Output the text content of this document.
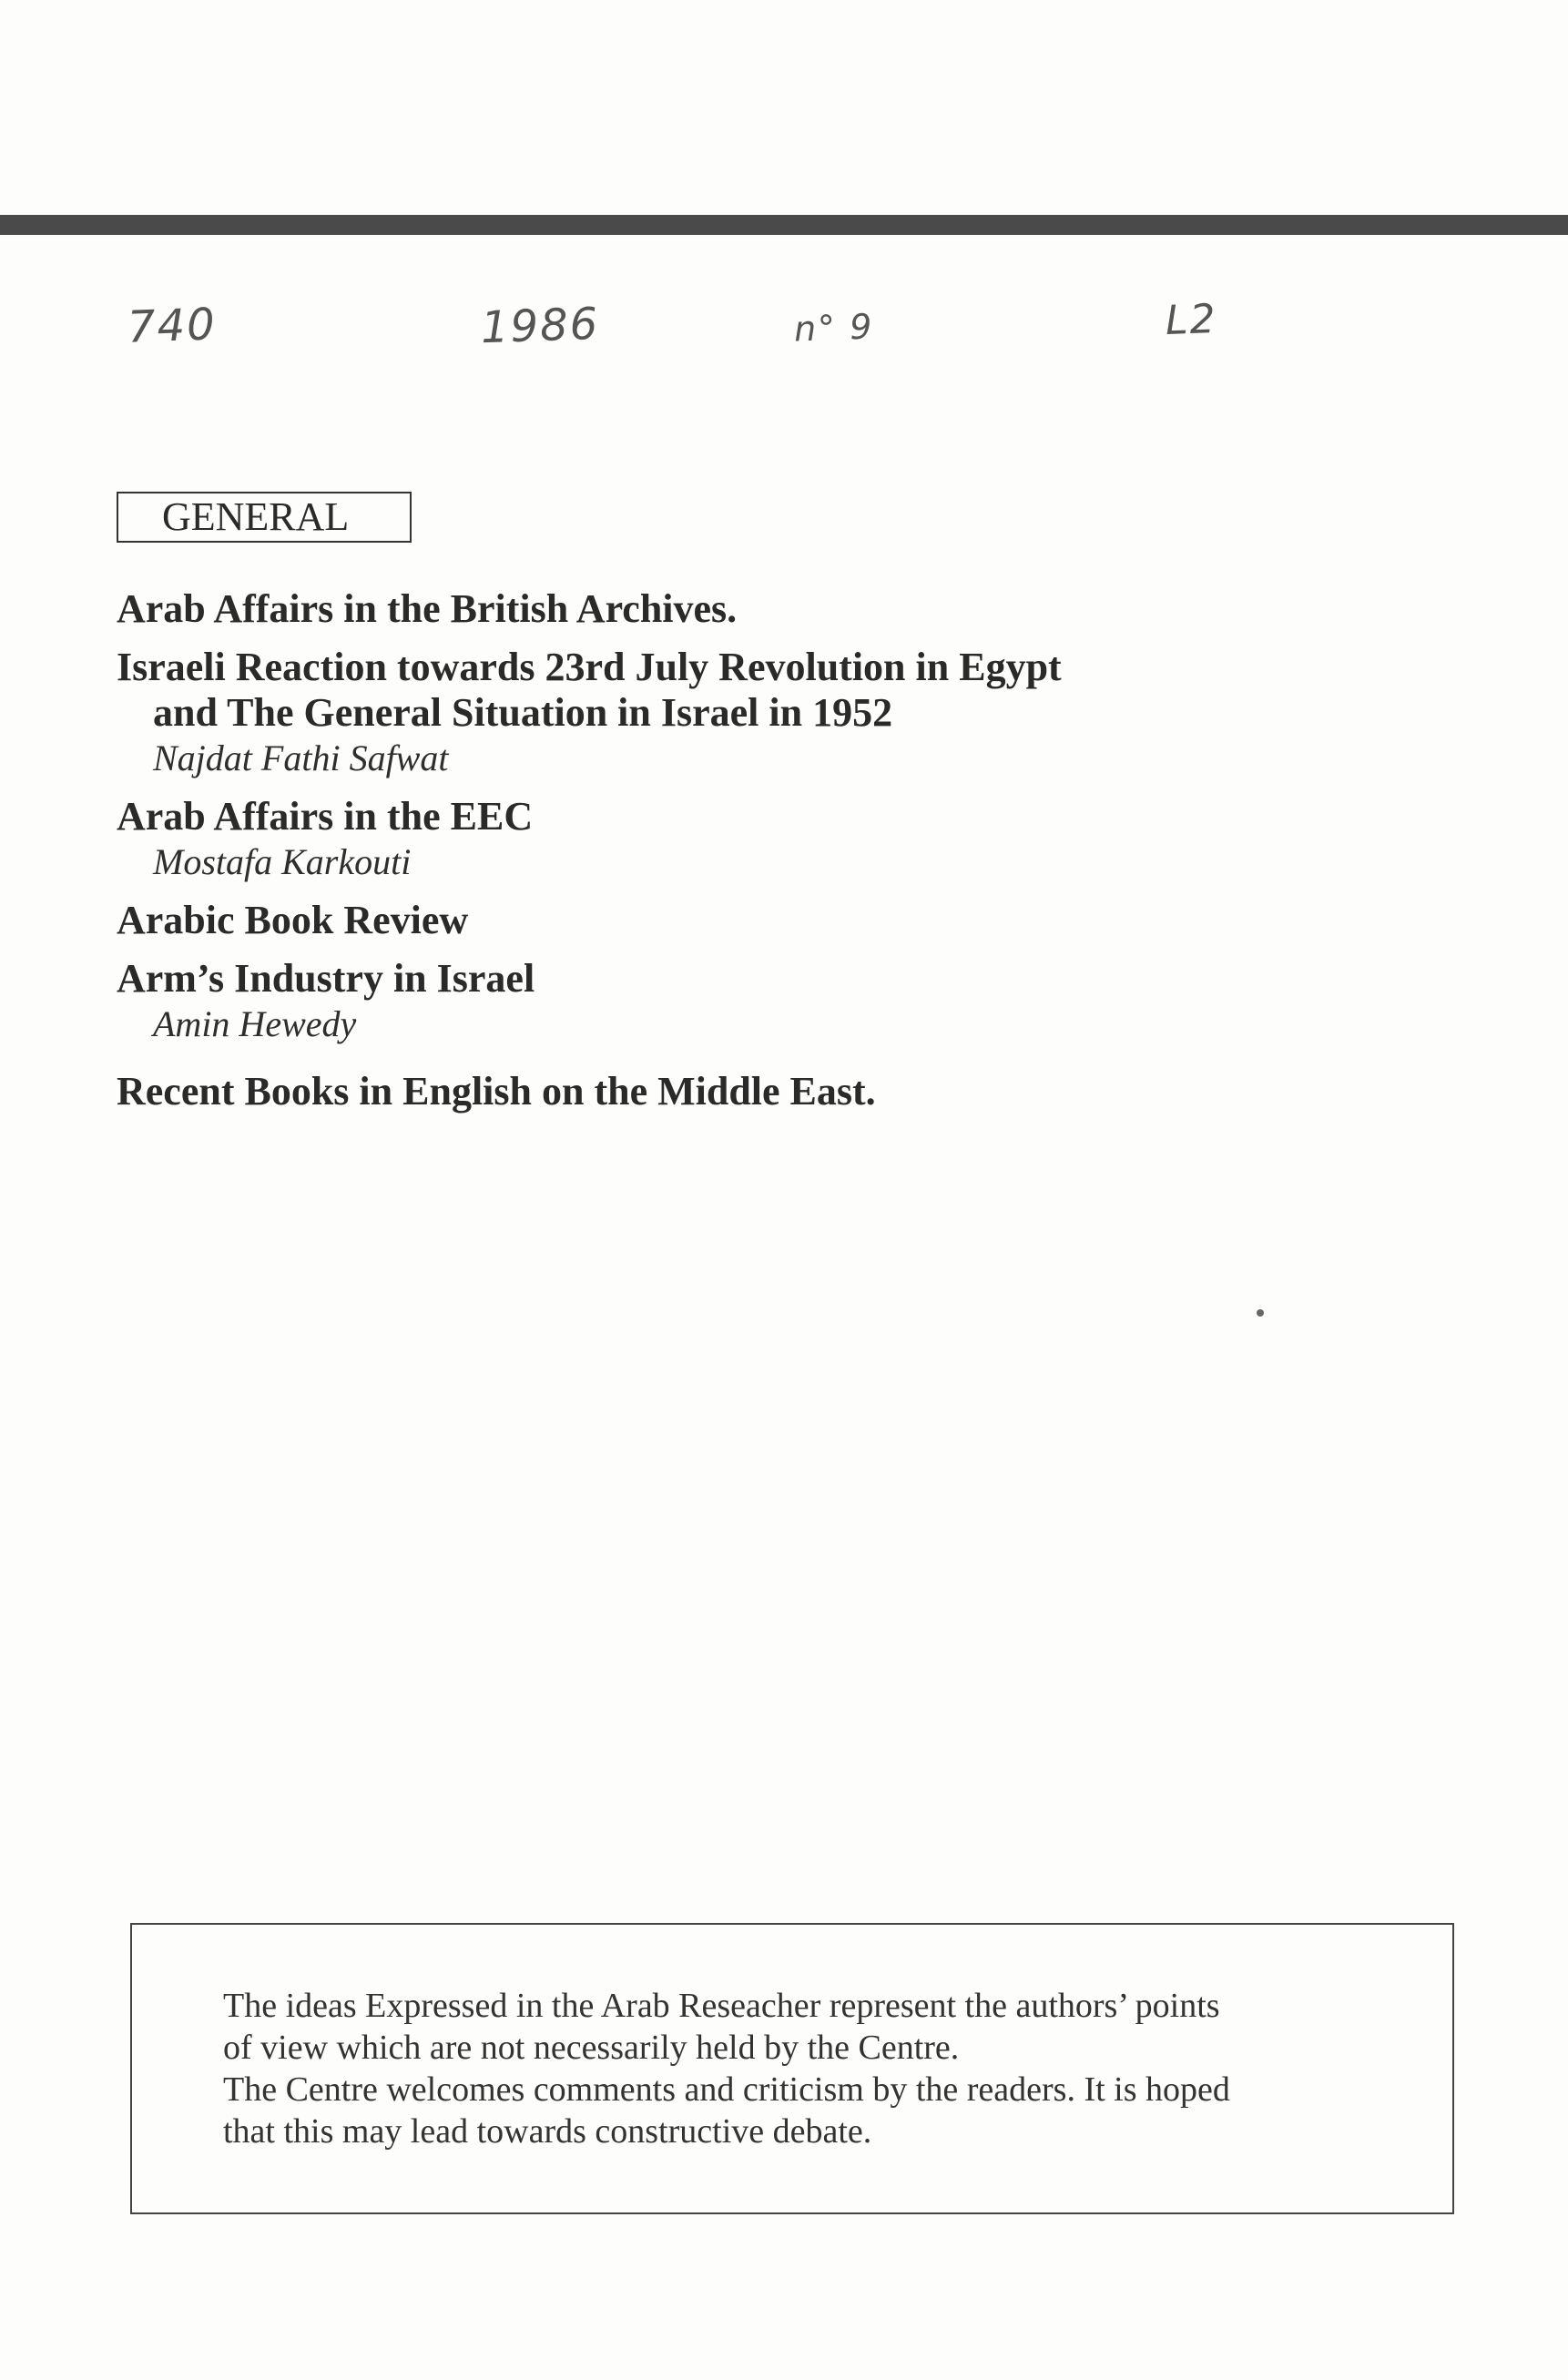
740	1986	n° 9	L2
GENERAL
Arab Affairs in the British Archives.
Israeli Reaction towards 23rd July Revolution in Egypt
and The General Situation in Israel in 1952
Najdat Fathi Safwat
Arab Affairs in the EEC
Mostafa Karkouti
Arabic Book Review
Arm’s Industry in Israel
Amin Hewedy
Recent Books in English on the Middle East.

The ideas Expressed in the Arab Reseacher represent the authors’ points

of view which are not necessarily held by the Centre.

The Centre welcomes comments and criticism by the readers. It is hoped

that this may lead towards constructive debate.
